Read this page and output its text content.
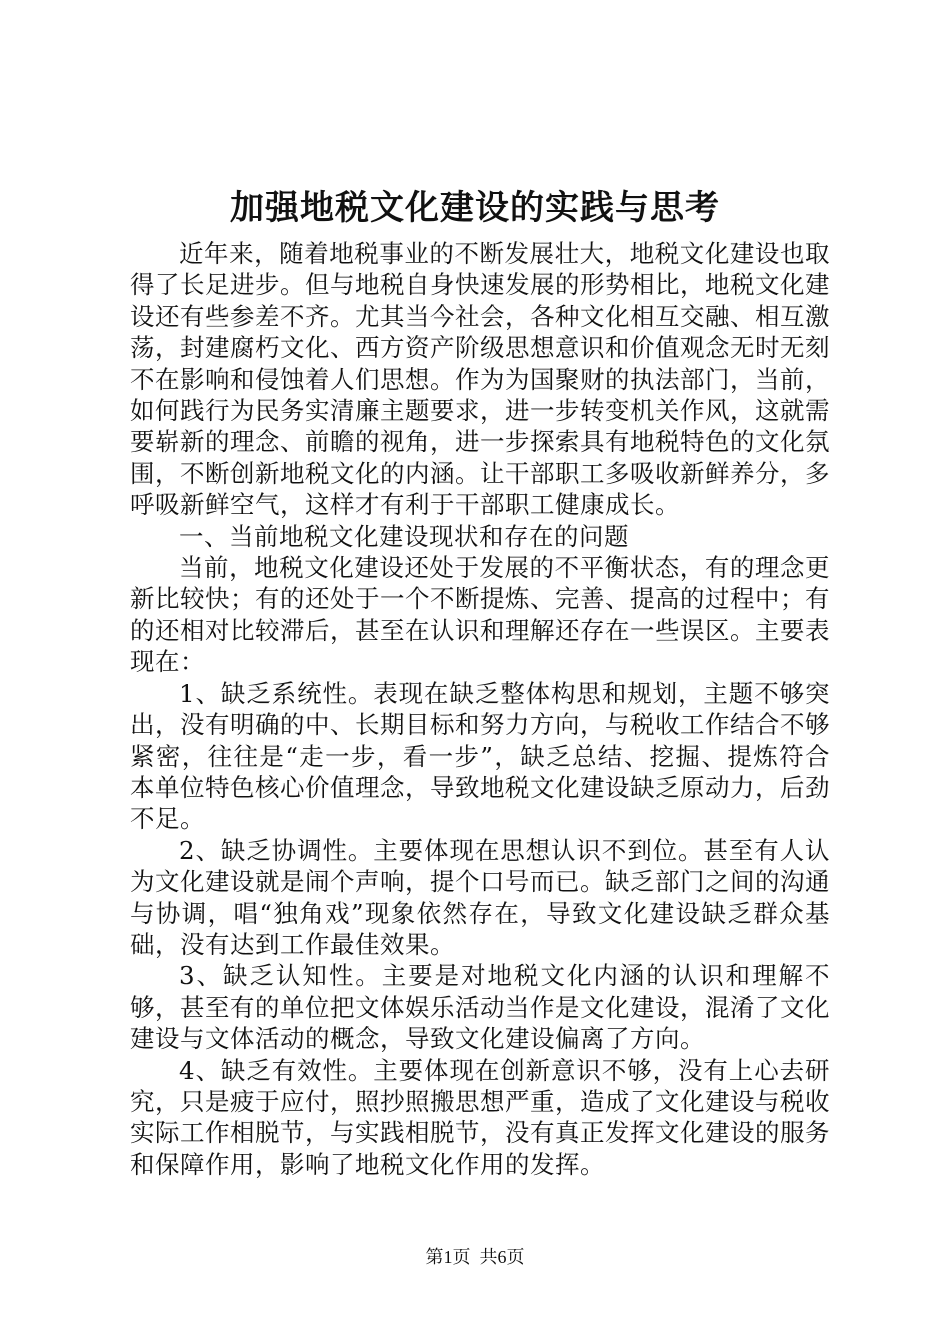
加强地税文化建设的实践与思考

近年来，随着地税事业的不断发展壮大，地税文化建设也取得了长足进步。但与地税自身快速发展的形势相比，地税文化建设还有些参差不齐。尤其当今社会，各种文化相互交融、相互激荡，封建腐朽文化、西方资产阶级思想意识和价值观念无时无刻不在影响和侵蚀着人们思想。作为为国聚财的执法部门，当前，如何践行为民务实清廉主题要求，进一步转变机关作风，这就需要崭新的理念、前瞻的视角，进一步探索具有地税特色的文化氛围，不断创新地税文化的内涵。让干部职工多吸收新鲜养分，多呼吸新鲜空气，这样才有利于干部职工健康成长。

一、当前地税文化建设现状和存在的问题

当前，地税文化建设还处于发展的不平衡状态，有的理念更新比较快；有的还处于一个不断提炼、完善、提高的过程中；有的还相对比较滞后，甚至在认识和理解还存在一些误区。主要表现在：

1、缺乏系统性。表现在缺乏整体构思和规划，主题不够突出，没有明确的中、长期目标和努力方向，与税收工作结合不够紧密，往往是“走一步，看一步”，缺乏总结、挖掘、提炼符合本单位特色核心价值理念，导致地税文化建设缺乏原动力，后劲不足。

2、缺乏协调性。主要体现在思想认识不到位。甚至有人认为文化建设就是闹个声响，提个口号而已。缺乏部门之间的沟通与协调，唱“独角戏”现象依然存在，导致文化建设缺乏群众基础，没有达到工作最佳效果。

3、缺乏认知性。主要是对地税文化内涵的认识和理解不够，甚至有的单位把文体娱乐活动当作是文化建设，混淆了文化建设与文体活动的概念，导致文化建设偏离了方向。

4、缺乏有效性。主要体现在创新意识不够，没有上心去研究，只是疲于应付，照抄照搬思想严重，造成了文化建设与税收实际工作相脱节，与实践相脱节，没有真正发挥文化建设的服务和保障作用，影响了地税文化作用的发挥。

第1页 共6页
